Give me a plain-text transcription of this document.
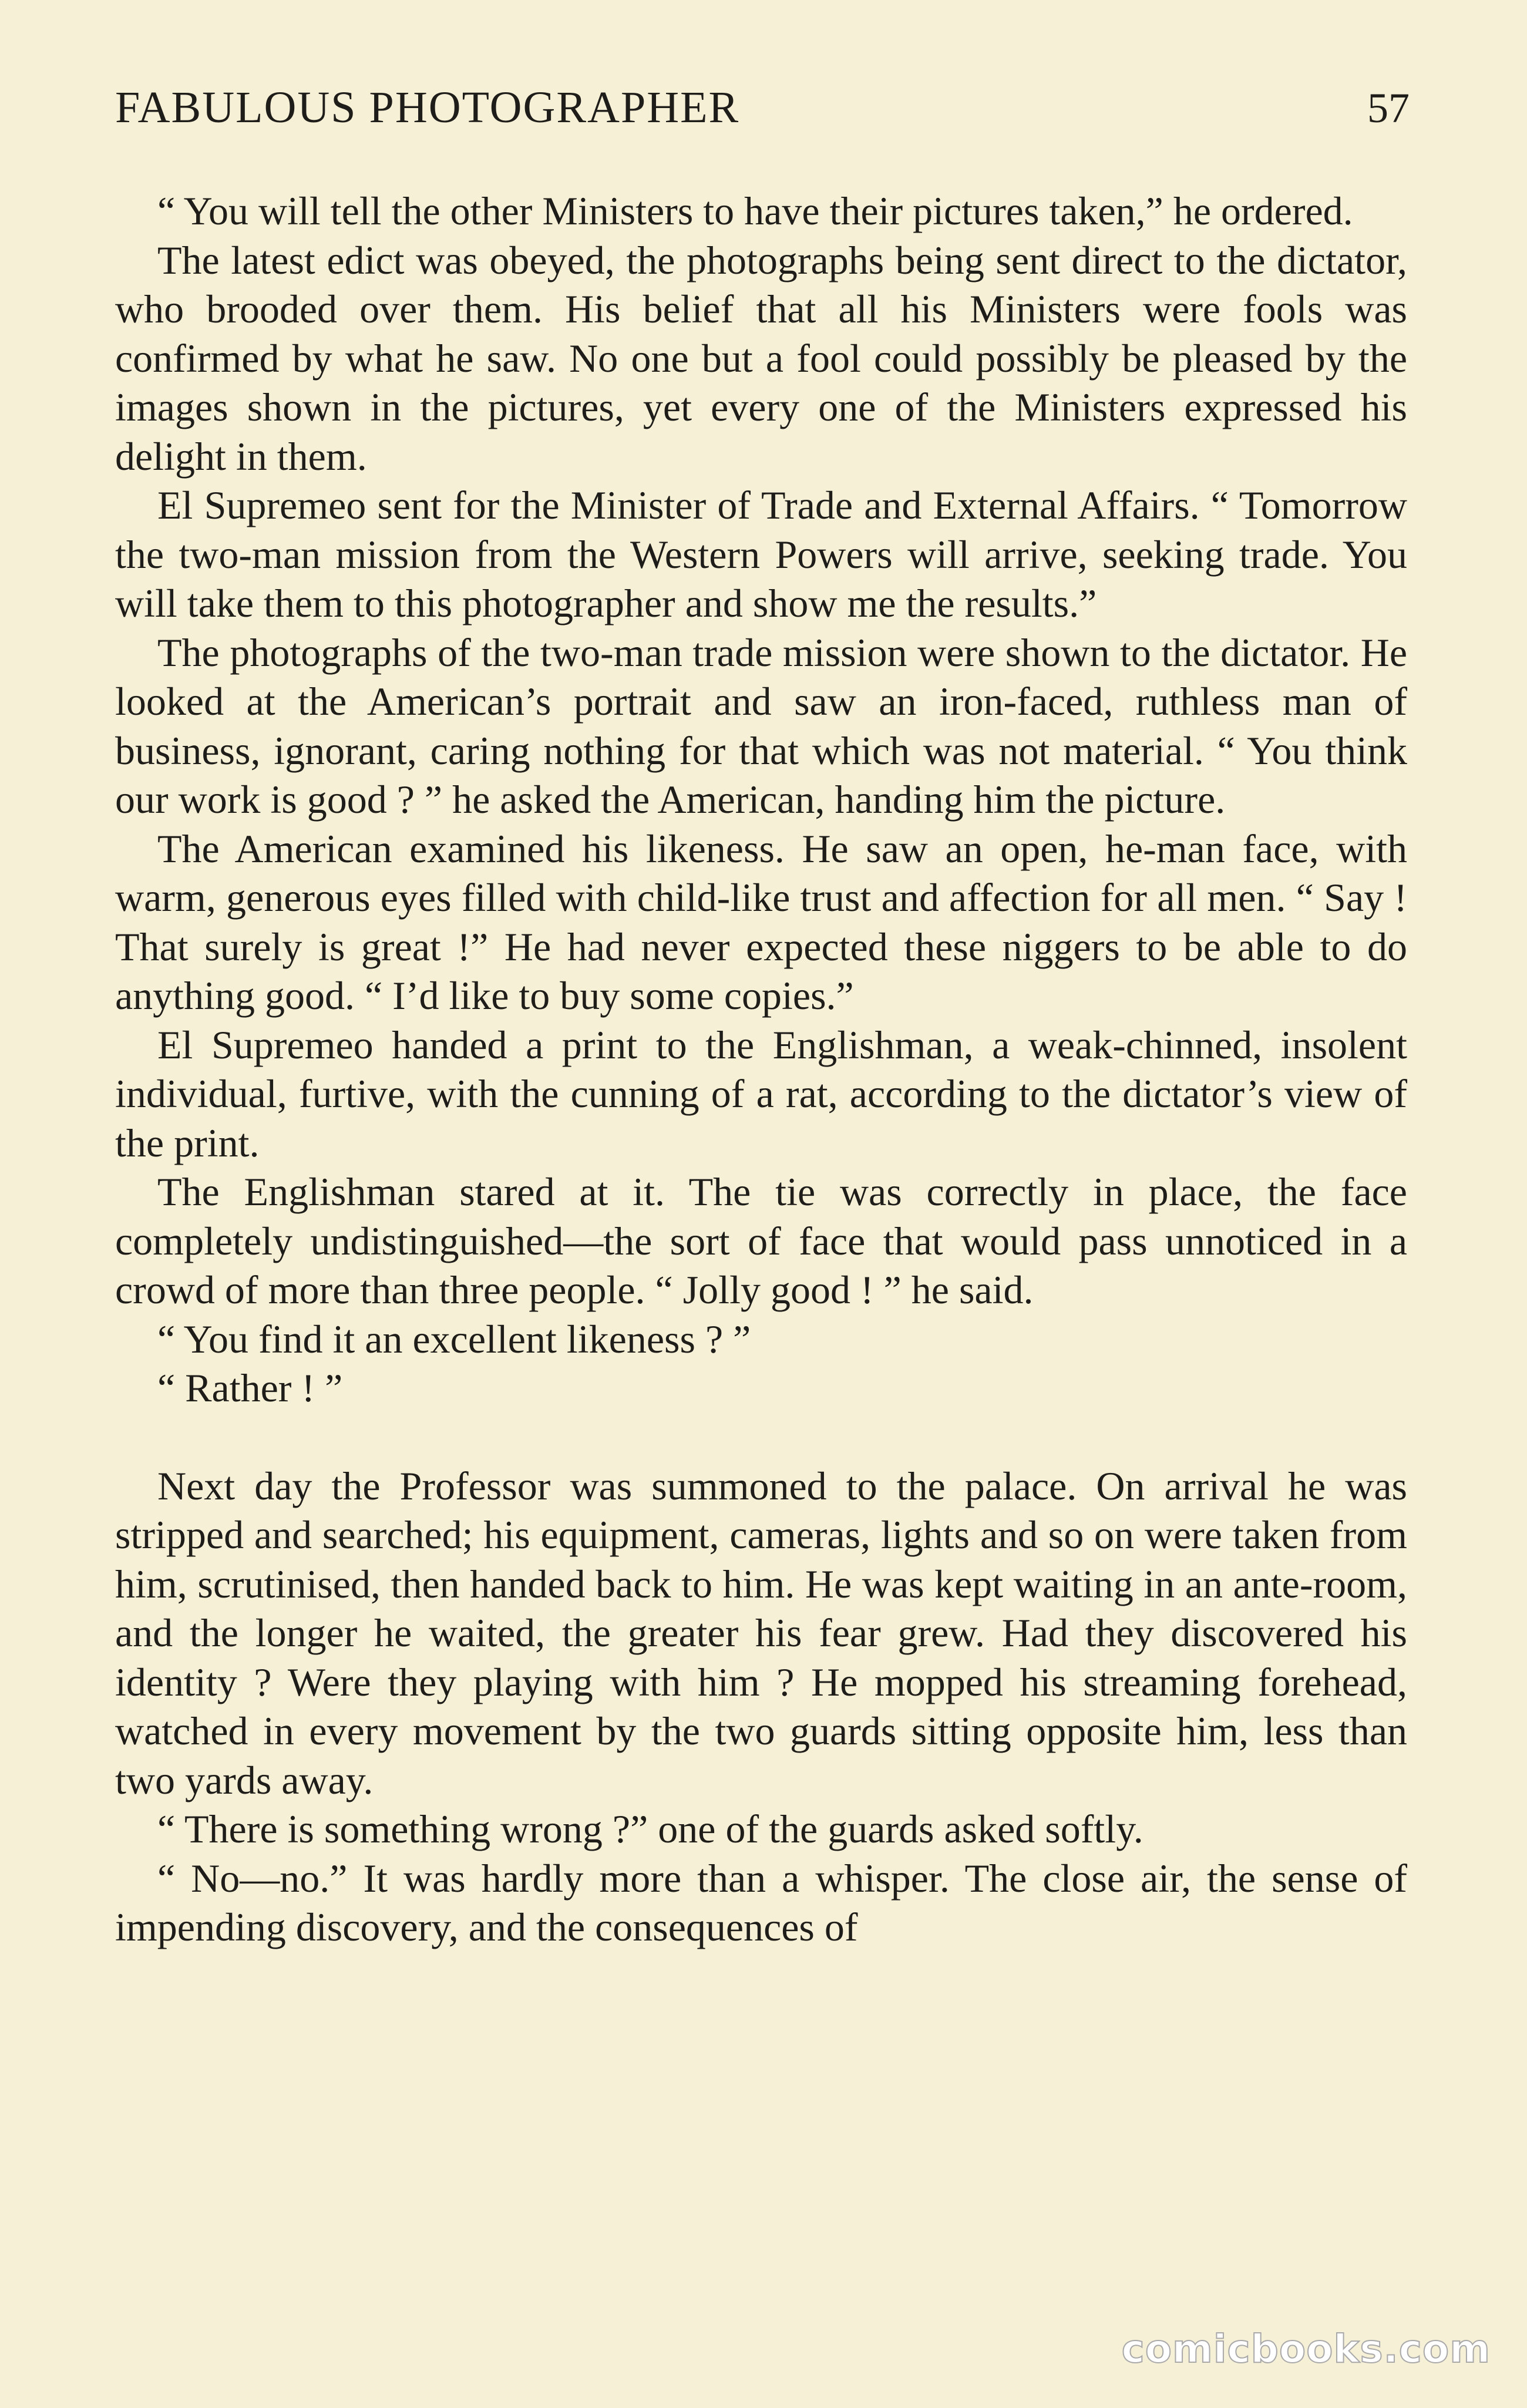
FABULOUS PHOTOGRAPHER	57

“ You will tell the other Ministers to have their pictures taken,” he ordered.

The latest edict was obeyed, the photographs being sent direct to the dictator, who brooded over them. His belief that all his Ministers were fools was confirmed by what he saw. No one but a fool could possibly be pleased by the images shown in the pictures, yet every one of the Ministers expressed his delight in them.

El Supremeo sent for the Minister of Trade and External Affairs. “ Tomorrow the two-man mission from the Western Powers will arrive, seeking trade. You will take them to this photographer and show me the results.”

The photographs of the two-man trade mission were shown to the dictator. He looked at the American’s portrait and saw an iron-faced, ruthless man of business, ignorant, caring nothing for that which was not material. “ You think our work is good ? ” he asked the American, handing him the picture.

The American examined his likeness. He saw an open, he-man face, with warm, generous eyes filled with child-like trust and affection for all men. “ Say ! That surely is great !” He had never expected these niggers to be able to do anything good. “ I’d like to buy some copies.”

El Supremeo handed a print to the Englishman, a weak-chinned, insolent individual, furtive, with the cunning of a rat, according to the dictator’s view of the print.

The Englishman stared at it. The tie was correctly in place, the face completely undistinguished—the sort of face that would pass unnoticed in a crowd of more than three people. “ Jolly good ! ” he said.

“ You find it an excellent likeness ? ”

“ Rather ! ”

Next day the Professor was summoned to the palace. On arrival he was stripped and searched; his equipment, cameras, lights and so on were taken from him, scrutinised, then handed back to him. He was kept waiting in an ante-room, and the longer he waited, the greater his fear grew. Had they discovered his identity ? Were they playing with him ? He mopped his streaming forehead, watched in every movement by the two guards sitting opposite him, less than two yards away.

“ There is something wrong ?” one of the guards asked softly.

“ No—no.” It was hardly more than a whisper. The close air, the sense of impending discovery, and the consequences of

comicbooks.com
